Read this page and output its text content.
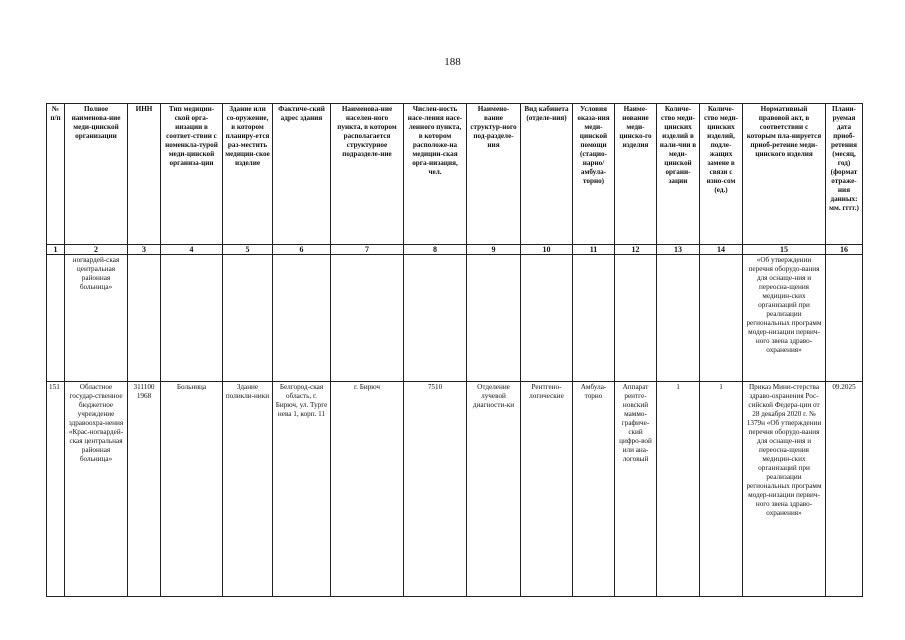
188
№ п/п	Полное наименова-ние меди-цинской организации	ИНН	Тип медицин-ской орга-низации в соответ-ствии с номенкла-турой меди-цинской организа-ции	Здание или со-оружение, в котором планиру-ется раз-местить медицин-ское изделие	Фактиче-ский адрес здания	Наименова-ние населен-ного пункта, в котором располагается структурное подразделе-ние	Числен-ность насе-ления насе-ленного пункта, в котором расположе-на медицин-ская орга-низация, чел.	Наимено-вание структур-ного под-разделе-ния	Вид кабинета (отделе-ния)	Условия оказа-ния меди-цинской помощи (стацио-нарно/ амбула-торно)	Наиме-нование меди-цинско-го изделия	Количе-ство меди-цинских изделий в нали-чии в меди-цинской органи-зации	Количе-ство меди-цинских изделий, подле-жащих замене в связи с изно-сом (ед.)	Нормативный правовой акт, в соответствии с которым пла-нируется приоб-ретение меди-цинского изделия	Плани-руемая дата приоб-ретения (месяц, год) (формат отраже-ния данных: мм. гггг.)
1	2	3	4	5	6	7	8	9	10	11	12	13	14	15	16
	ногвардей-ская центральная районная больница»													«Об утверждении перечня оборудо-вания для оснаще-ния и переосна-щения медицин-ских организаций при реализации региональных программ модер-низации первич-ного звена здраво-охранения»	
151	Областное государ-ственное бюджетное учреждение здравоохра-нения «Крас-ногвардей-ская центральная районная больница»	311100 1968	Больница	Здание поликли-ники	Белгород-ская область, г. Бирюч, ул. Турге нева 1, корп. 11	г. Бирюч	7510	Отделение лучевой диагности-ки	Рентгено-логические	Амбула-торно	Аппарат рентге-новский маммо-графиче-ский цифро-вой или ана-логовый	1	1	Приказ Мини-стерства здраво-охранения Рос-сийской Федера-ции от 28 декабря 2020 г. № 1379н «Об утверждении перечня оборудо-вания для оснаще-ния и переосна-щения медицин-ских организаций при реализации региональных программ модер-низации первич-ного звена здраво-охранения»	09.2025
